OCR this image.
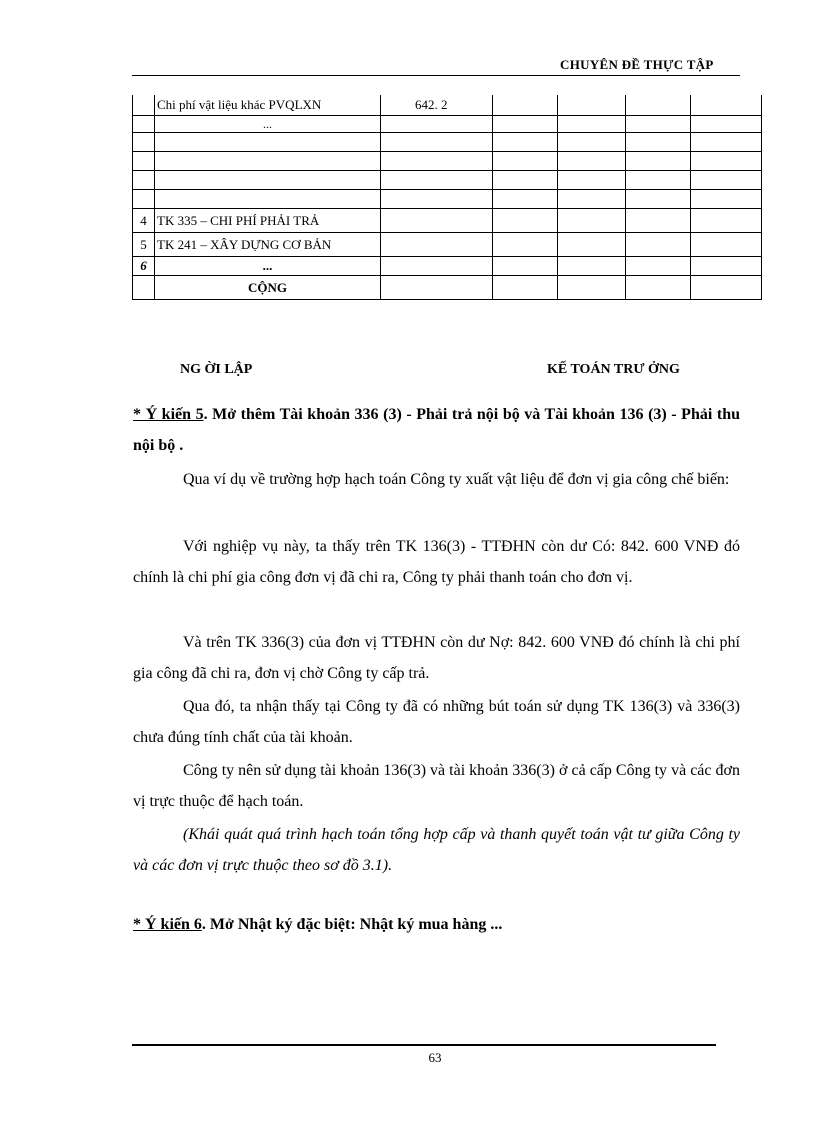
CHUYÊN ĐỀ THỰC TẬP
	Chi phí vật liệu khác PVQLXN	642. 2				
	...					

4	TK 335 – CHI PHÍ PHẢI TRẢ					
5	TK 241 – XÂY DỰNG CƠ BẢN					
6	...					
	CỘNG					
NG ỜI LẬP	KẾ TOÁN TRƯ ỞNG
* Ý kiến 5. Mở thêm Tài khoản 336 (3) - Phải trả nội bộ và Tài khoản 136 (3) - Phải thu nội bộ .
Qua ví dụ về trường hợp hạch toán Công ty xuất vật liệu để đơn vị gia công chế biến:
Với nghiệp vụ này, ta thấy trên TK 136(3) - TTĐHN còn dư Có: 842. 600 VNĐ đó chính là chi phí gia công đơn vị đã chi ra, Công ty phải thanh toán cho đơn vị.
Và trên TK 336(3) của đơn vị TTĐHN còn dư Nợ: 842. 600 VNĐ đó chính là chi phí gia công đã chi ra, đơn vị chờ Công ty cấp trả.
Qua đó, ta nhận thấy tại Công ty đã có những bút toán sử dụng TK 136(3) và 336(3) chưa đúng tính chất của tài khoản.
Công ty nên sử dụng tài khoản 136(3) và tài khoản 336(3) ở cả cấp Công ty và các đơn vị trực thuộc để hạch toán.
(Khái quát quá trình hạch toán tổng hợp cấp và thanh quyết toán vật tư giữa Công ty và các đơn vị trực thuộc theo sơ đồ 3.1).
* Ý kiến 6. Mở Nhật ký đặc biệt: Nhật ký mua hàng ...
63
